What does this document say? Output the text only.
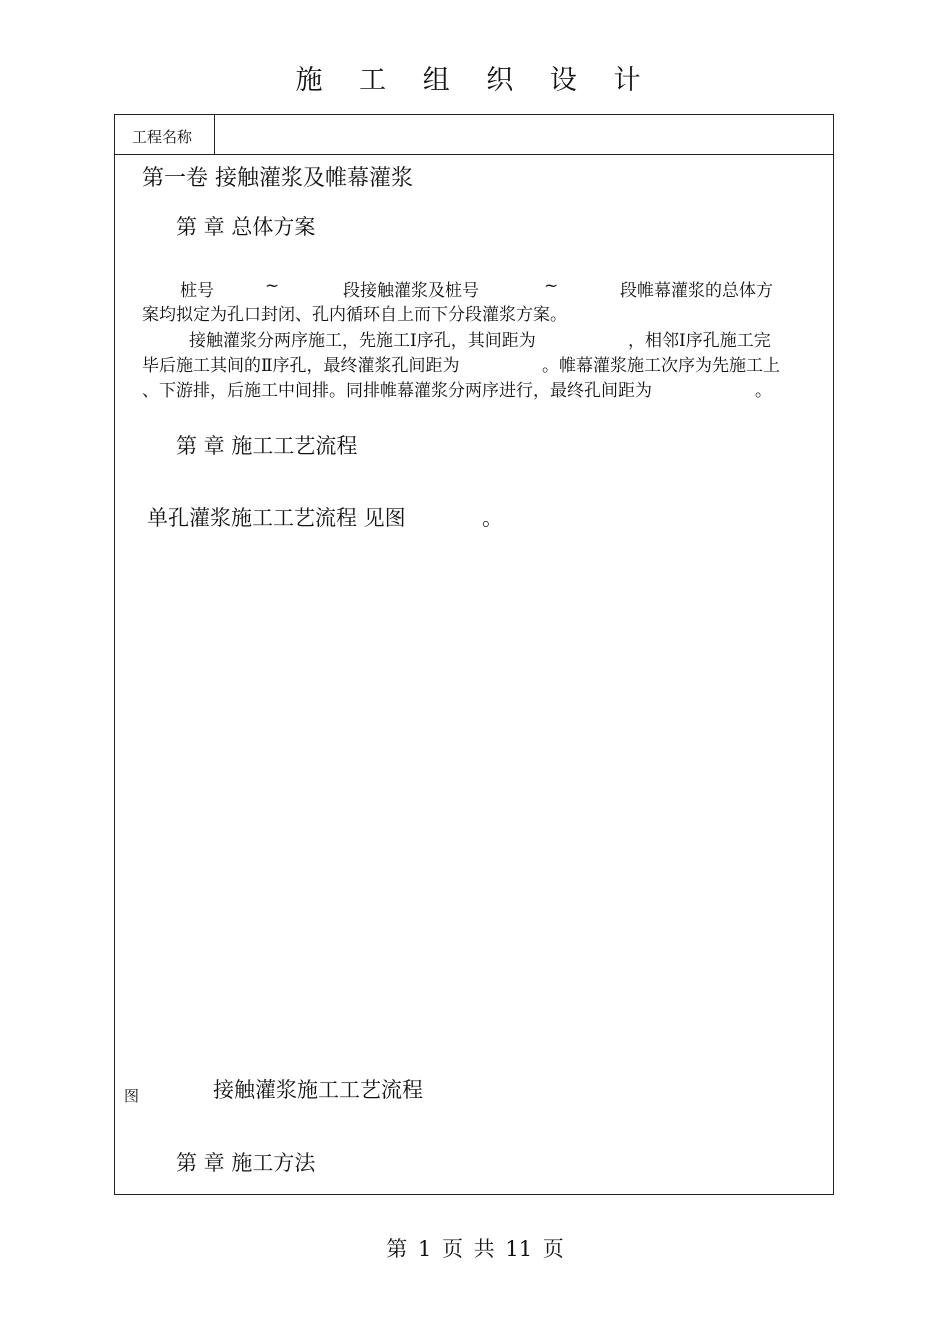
施 工 组 织 设 计
工程名称
第一卷 接触灌浆及帷幕灌浆
第 章 总体方案
桩号	~	段接触灌浆及桩号	~	段帷幕灌浆的总体方
案均拟定为孔口封闭、孔内循环自上而下分段灌浆方案。
接触灌浆分两序施工，先施工Ⅰ序孔，其间距为	，相邻Ⅰ序孔施工完
毕后施工其间的Ⅱ序孔，最终灌浆孔间距为	。帷幕灌浆施工次序为先施工上
、下游排，后施工中间排。同排帷幕灌浆分两序进行，最终孔间距为	。
第 章 施工工艺流程
单孔灌浆施工工艺流程 见图	。
图	接触灌浆施工工艺流程
第 章 施工方法
第 1 页 共 11 页
